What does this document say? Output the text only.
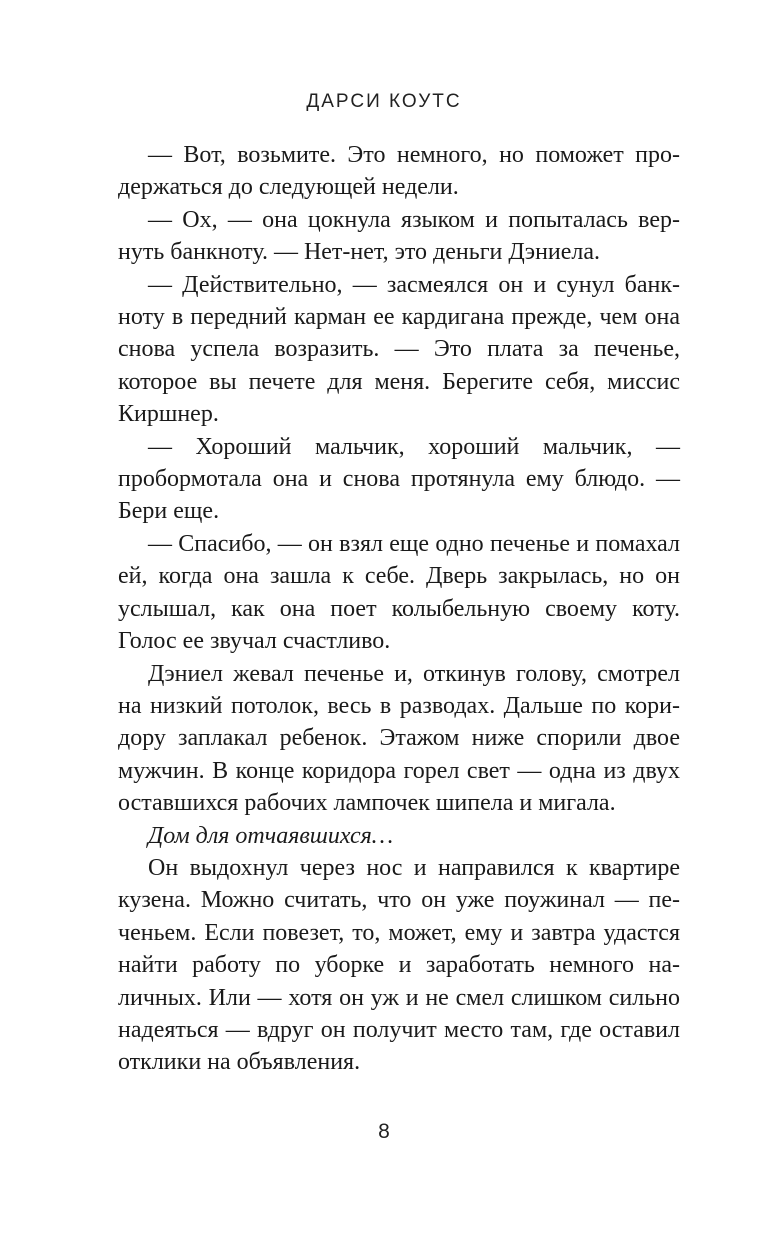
ДАРСИ КОУТС

— Вот, возьмите. Это немного, но поможет продержаться до следующей недели.

— Ох, — она цокнула языком и попыталась вернуть банкноту. — Нет-нет, это деньги Дэниела.

— Действительно, — засмеялся он и сунул банкноту в передний карман ее кардигана прежде, чем она снова успела возразить. — Это плата за печенье, которое вы печете для меня. Берегите себя, миссис Киршнер.

— Хороший мальчик, хороший мальчик, — пробормотала она и снова протянула ему блюдо. — Бери еще.

— Спасибо, — он взял еще одно печенье и помахал ей, когда она зашла к себе. Дверь закрылась, но он услышал, как она поет колыбельную своему коту. Голос ее звучал счастливо.

Дэниел жевал печенье и, откинув голову, смотрел на низкий потолок, весь в разводах. Дальше по коридору заплакал ребенок. Этажом ниже спорили двое мужчин. В конце коридора горел свет — одна из двух оставшихся рабочих лампочек шипела и мигала.

Дом для отчаявшихся…

Он выдохнул через нос и направился к квартире кузена. Можно считать, что он уже поужинал — печеньем. Если повезет, то, может, ему и завтра удастся найти работу по уборке и заработать немного наличных. Или — хотя он уж и не смел слишком сильно надеяться — вдруг он получит место там, где оставил отклики на объявления.

8
